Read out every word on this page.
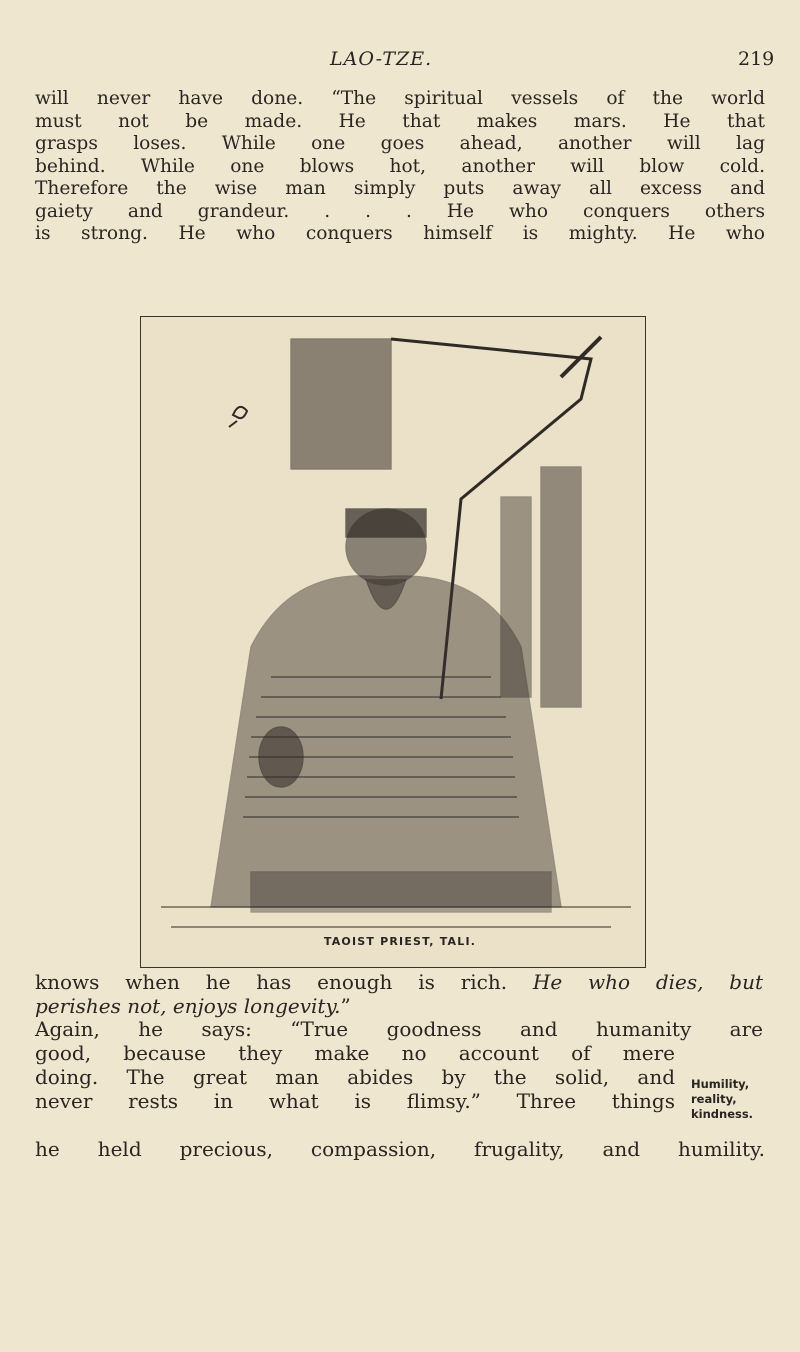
LAO-TZE.	219
will never have done. “The spiritual vessels of the world
must not be made. He that makes mars. He that
grasps loses. While one goes ahead, another will lag
behind. While one blows hot, another will blow cold.
Therefore the wise man simply puts away all excess and
gaiety and grandeur. . . . He who conquers others
is strong. He who conquers himself is mighty. He who
TAOIST PRIEST, TALI.
knows when he has enough is rich. He who dies, but
perishes not, enjoys longevity.”
Again, he says: “True goodness and humanity are
good, because they make no account of mere
doing. The great man abides by the solid, and
never rests in what is flimsy.” Three things
he held precious, compassion, frugality, and humility.
Humility,
reality,
kindness.
